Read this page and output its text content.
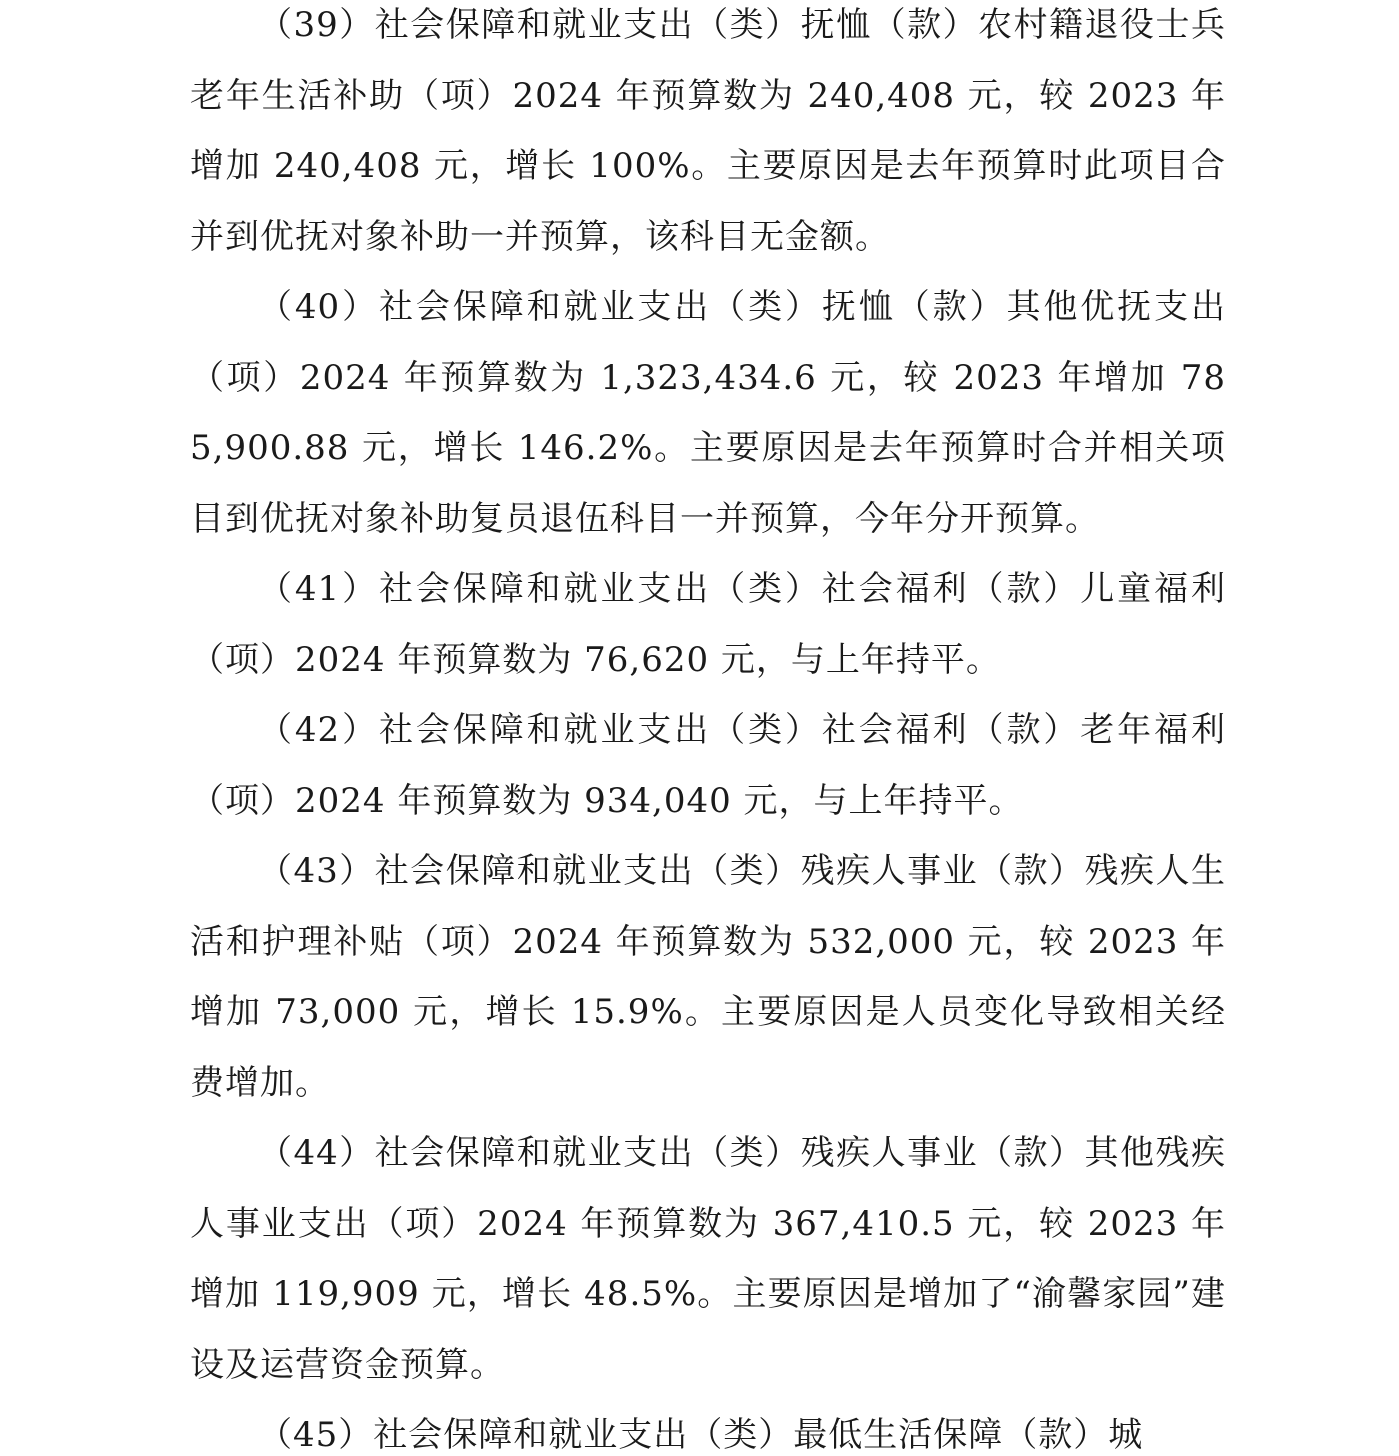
（39）社会保障和就业支出（类）抚恤（款）农村籍退役士兵老年生活补助（项）2024 年预算数为 240,408 元，较 2023 年增加 240,408 元，增长 100%。主要原因是去年预算时此项目合并到优抚对象补助一并预算，该科目无金额。

（40）社会保障和就业支出（类）抚恤（款）其他优抚支出（项）2024 年预算数为 1,323,434.6 元，较 2023 年增加 785,900.88 元，增长 146.2%。主要原因是去年预算时合并相关项目到优抚对象补助复员退伍科目一并预算，今年分开预算。

（41）社会保障和就业支出（类）社会福利（款）儿童福利（项）2024 年预算数为 76,620 元，与上年持平。

（42）社会保障和就业支出（类）社会福利（款）老年福利（项）2024 年预算数为 934,040 元，与上年持平。

（43）社会保障和就业支出（类）残疾人事业（款）残疾人生活和护理补贴（项）2024 年预算数为 532,000 元，较 2023 年增加 73,000 元，增长 15.9%。主要原因是人员变化导致相关经费增加。

（44）社会保障和就业支出（类）残疾人事业（款）其他残疾人事业支出（项）2024 年预算数为 367,410.5 元，较 2023 年增加 119,909 元，增长 48.5%。主要原因是增加了“渝馨家园”建设及运营资金预算。

（45）社会保障和就业支出（类）最低生活保障（款）城
